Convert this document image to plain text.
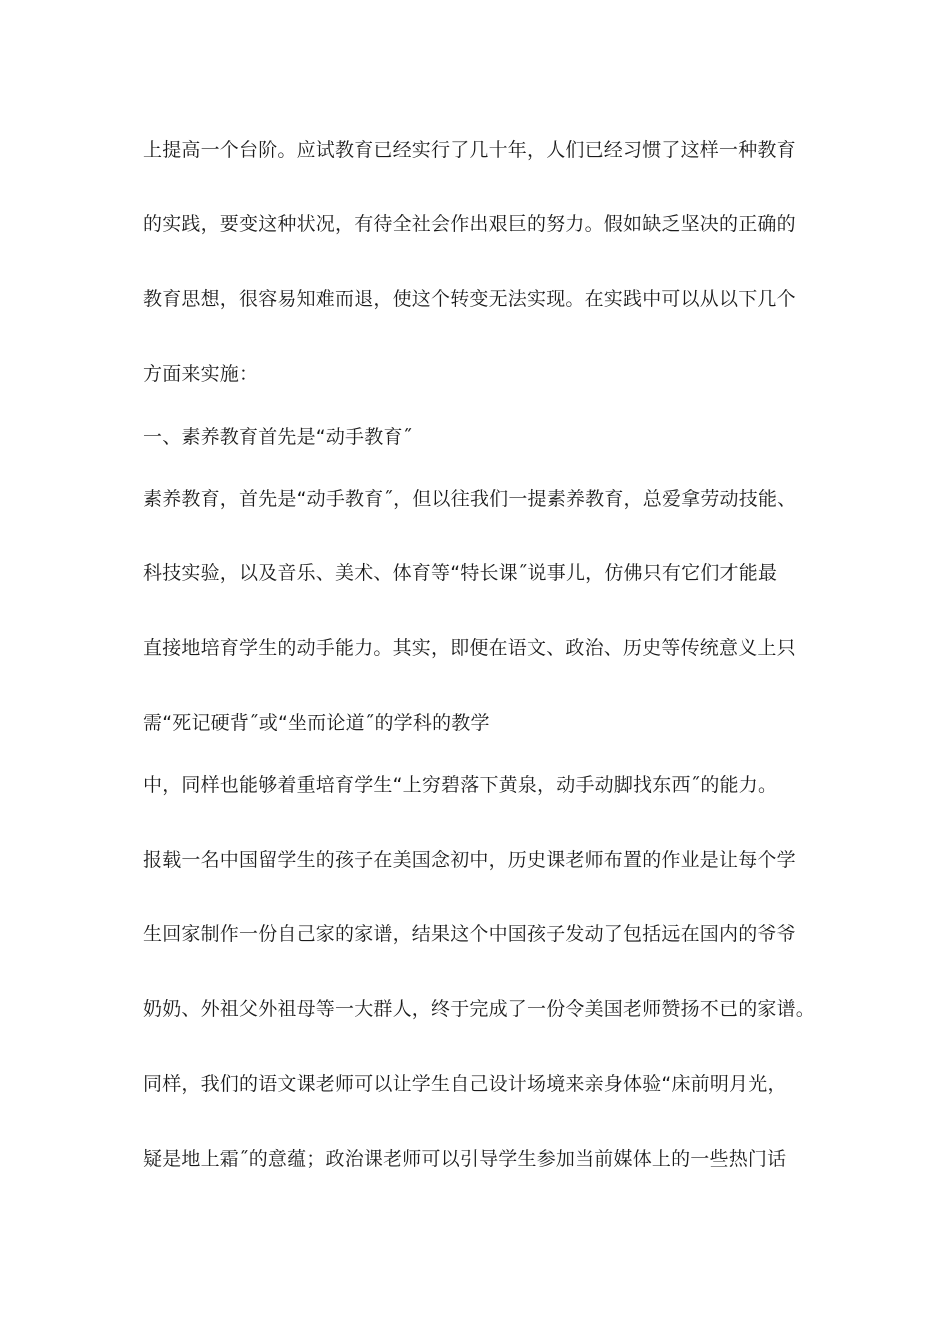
上提高一个台阶。应试教育已经实行了几十年，人们已经习惯了这样一种教育
的实践，要变这种状况，有待全社会作出艰巨的努力。假如缺乏坚决的正确的
教育思想，很容易知难而退，使这个转变无法实现。在实践中可以从以下几个
方面来实施：
一、素养教育首先是“动手教育˝
素养教育，首先是“动手教育˝，但以往我们一提素养教育，总爱拿劳动技能、
科技实验，以及音乐、美术、体育等“特长课˝说事儿，仿佛只有它们才能最
直接地培育学生的动手能力。其实，即便在语文、政治、历史等传统意义上只
需“死记硬背˝或“坐而论道˝的学科的教学
中，同样也能够着重培育学生“上穷碧落下黄泉，动手动脚找东西˝的能力。
报载一名中国留学生的孩子在美国念初中，历史课老师布置的作业是让每个学
生回家制作一份自己家的家谱，结果这个中国孩子发动了包括远在国内的爷爷
奶奶、外祖父外祖母等一大群人，终于完成了一份令美国老师赞扬不已的家谱。
同样，我们的语文课老师可以让学生自己设计场境来亲身体验“床前明月光，
疑是地上霜˝的意蕴；政治课老师可以引导学生参加当前媒体上的一些热门话
